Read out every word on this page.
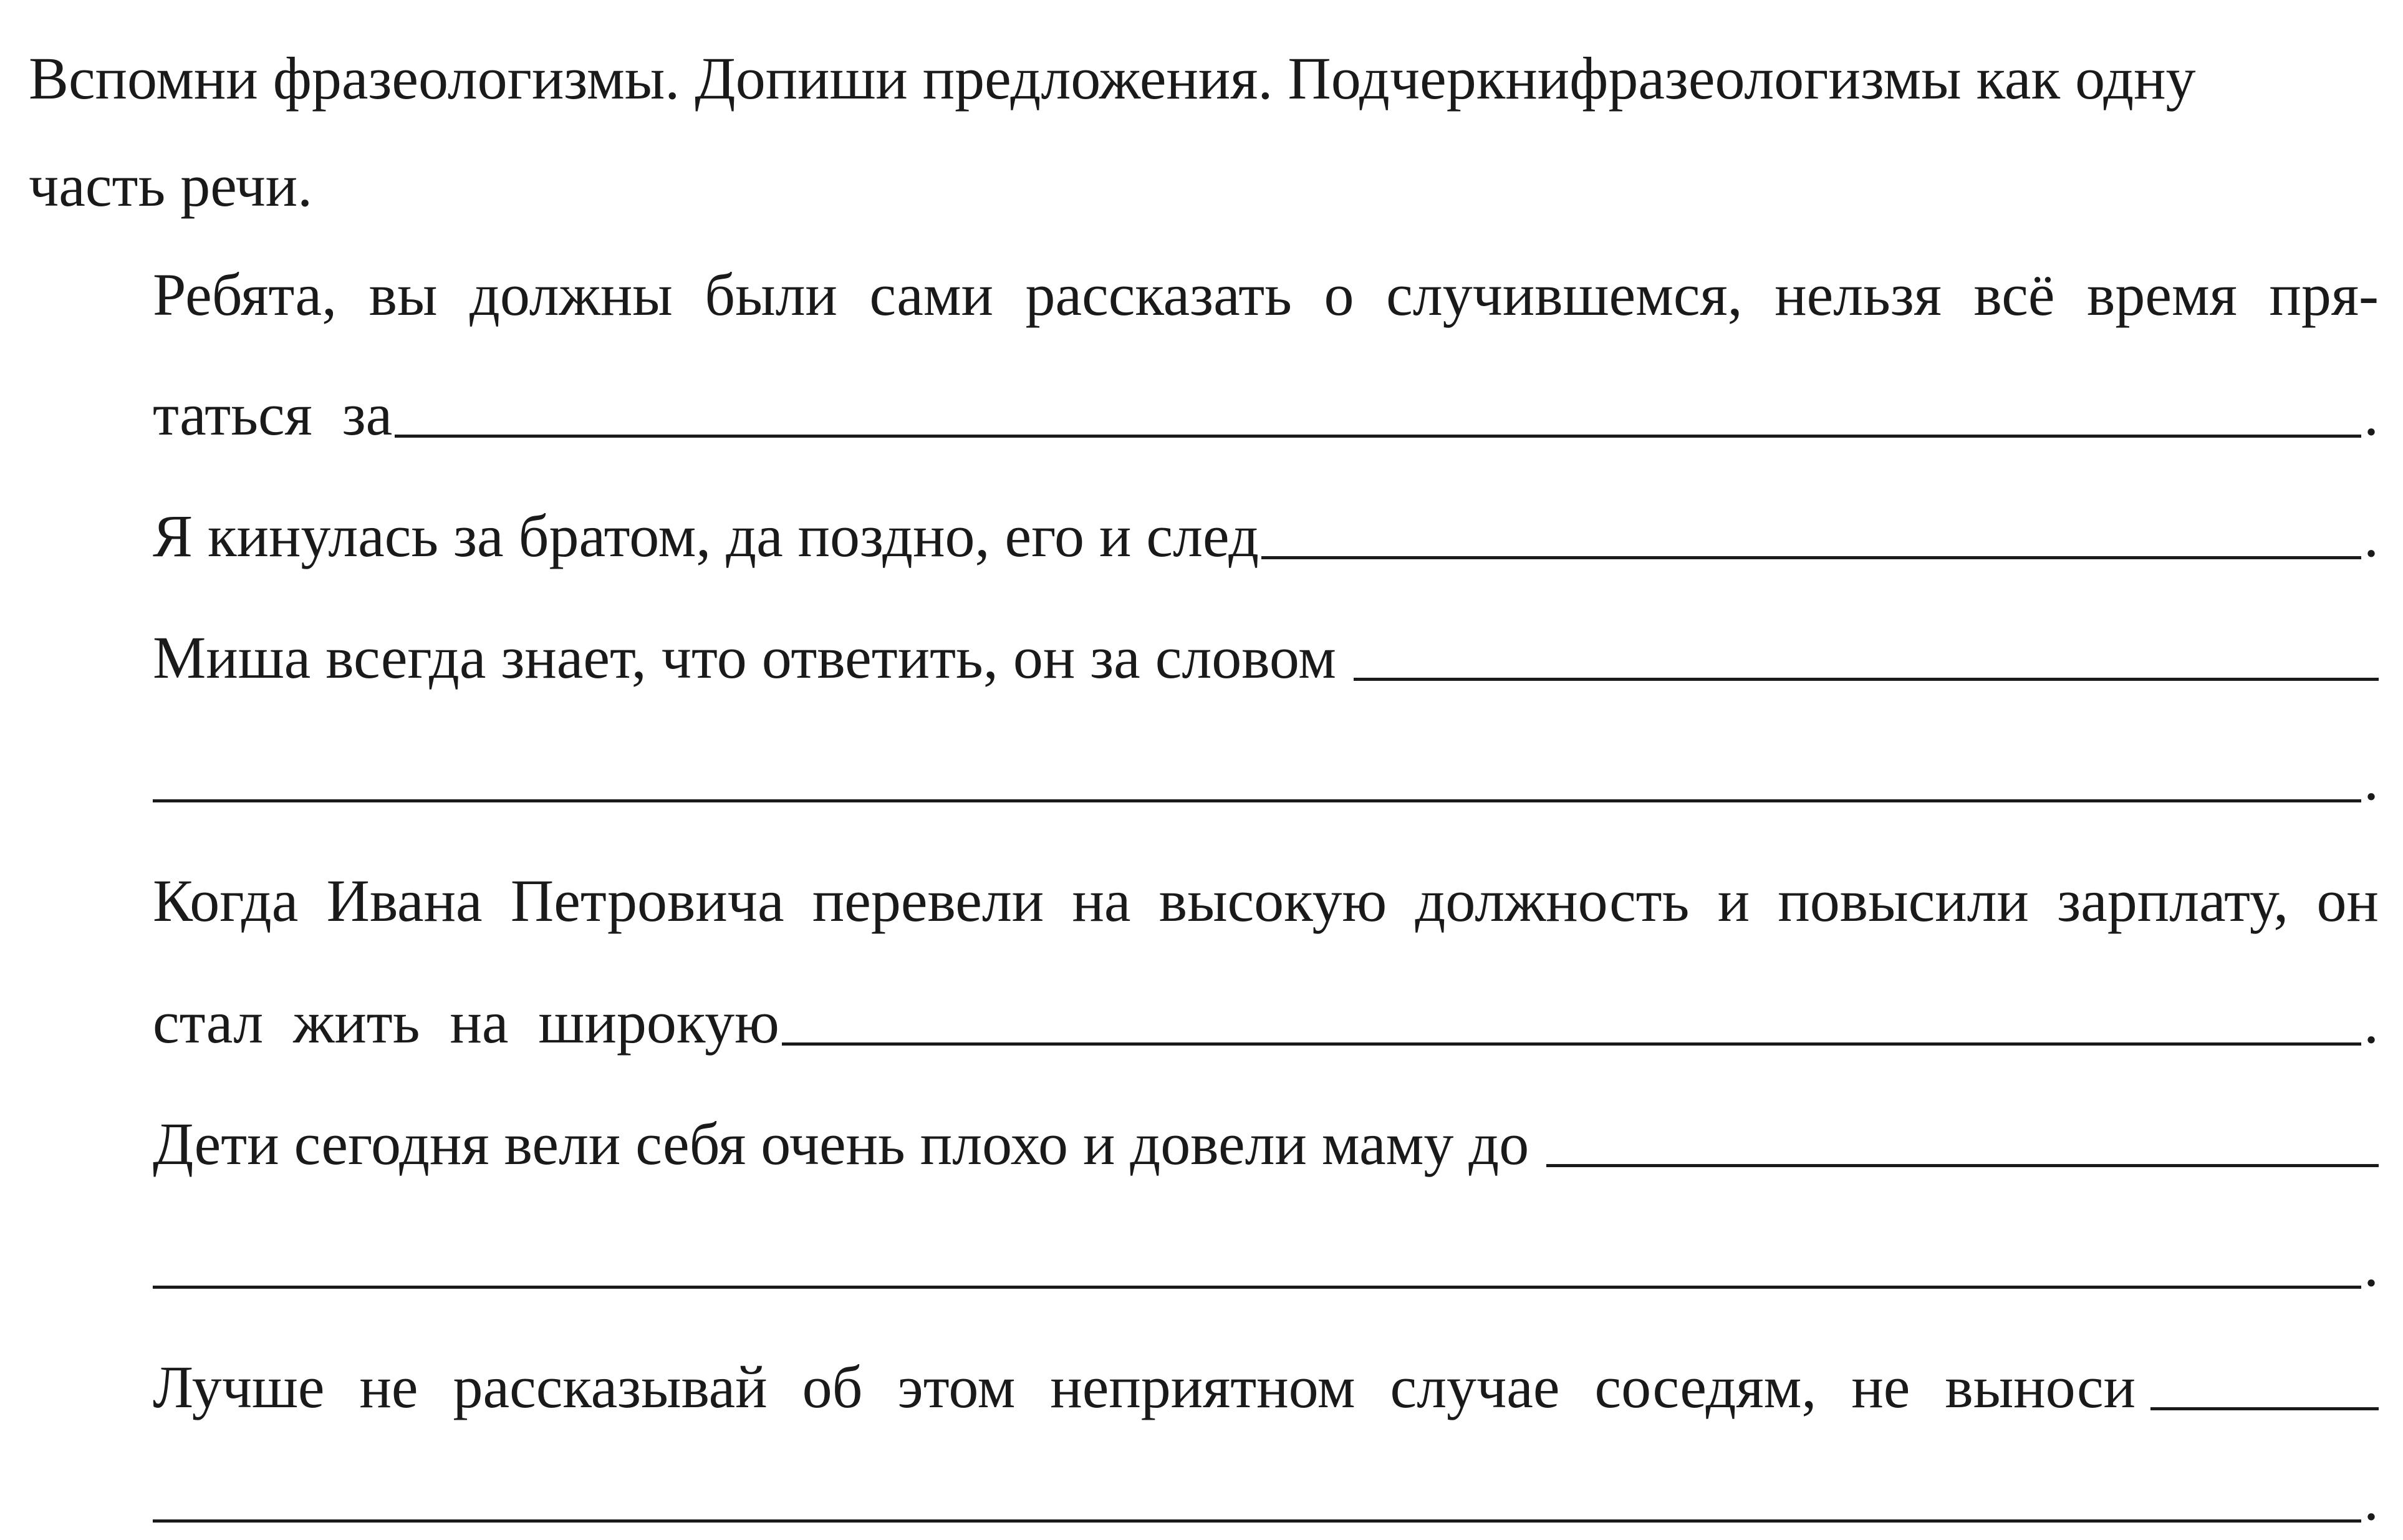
Вспомни фразеологизмы. Допиши предложения. Подчеркнифразеологизмы как одну часть речи.

Ребята, вы должны были сами рассказать о случившемся, нельзя всё время пря-
таться  за	.
Я кинулась за братом, да поздно, его и след	.
Миша всегда знает, что ответить, он за словом
.
Когда Ивана Петровича перевели на высокую должность и повысили зарплату, он
стал  жить  на  широкую	.
Дети сегодня вели себя очень плохо и довели маму до
.
Лучше не рассказывай об этом неприятном случае соседям, не выноси
.
